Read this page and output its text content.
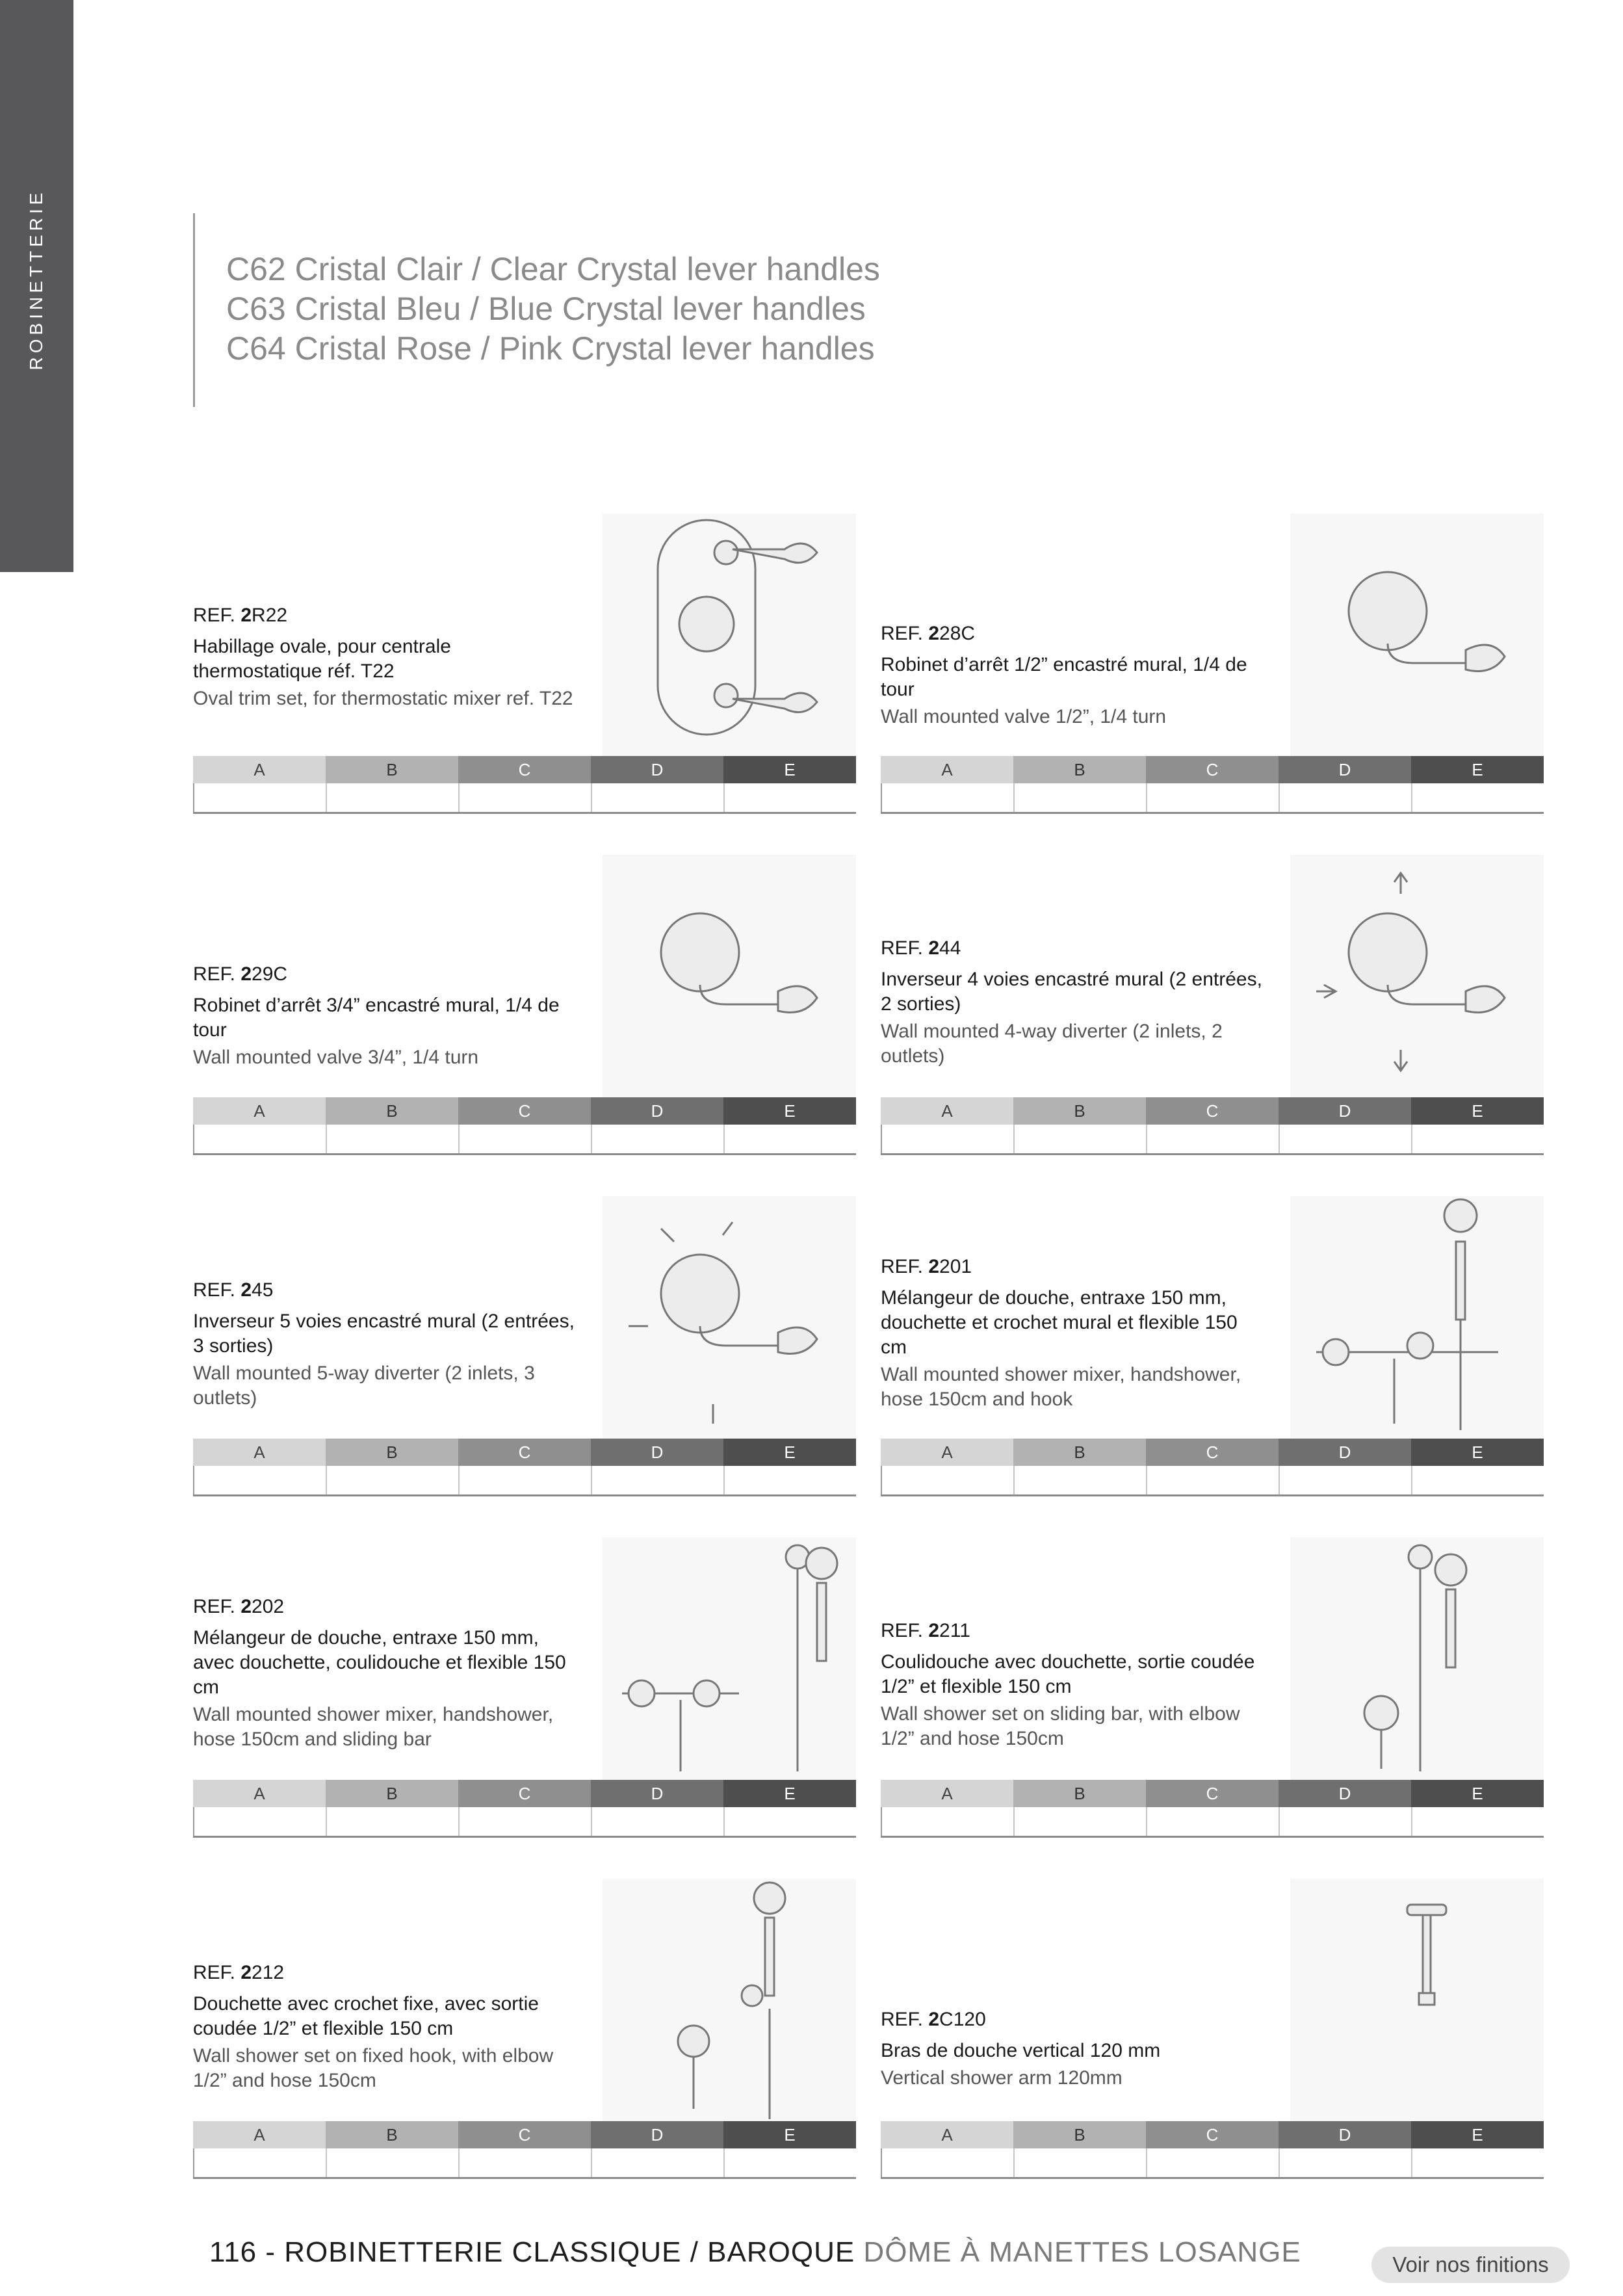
ROBINETTERIE	C62 Cristal Clair / Clear Crystal lever handles
C63 Cristal Bleu / Blue Crystal lever handles
C64 Cristal Rose / Pink Crystal lever handles
REF. 2R22
Habillage ovale, pour centrale thermostatique réf. T22
Oval trim set, for thermostatic mixer ref. T22
A	B	C	D	E
REF. 228C
Robinet d’arrêt 1/2” encastré mural, 1/4 de tour
Wall mounted valve 1/2”, 1/4 turn
A	B	C	D	E
REF. 229C
Robinet d’arrêt 3/4” encastré mural, 1/4 de tour
Wall mounted valve 3/4”, 1/4 turn
A	B	C	D	E
REF. 244
Inverseur 4 voies encastré mural (2 entrées, 2 sorties)
Wall mounted 4-way diverter (2 inlets, 2 outlets)
A	B	C	D	E
REF. 245
Inverseur 5 voies encastré mural (2 entrées, 3 sorties)
Wall mounted 5-way diverter (2 inlets, 3 outlets)
A	B	C	D	E
REF. 2201
Mélangeur de douche, entraxe 150 mm, douchette et crochet mural et flexible 150 cm
Wall mounted shower mixer, handshower, hose 150cm and hook
A	B	C	D	E
REF. 2202
Mélangeur de douche, entraxe 150 mm, avec douchette, coulidouche et flexible 150 cm
Wall mounted shower mixer, handshower, hose 150cm and sliding bar
A	B	C	D	E
REF. 2211
Coulidouche avec douchette, sortie coudée 1/2” et flexible 150 cm
Wall shower set on sliding bar, with elbow 1/2” and hose 150cm
A	B	C	D	E
REF. 2212
Douchette avec crochet fixe, avec sortie coudée 1/2” et flexible 150 cm
Wall shower set on fixed hook, with elbow 1/2” and hose 150cm
A	B	C	D	E
REF. 2C120
Bras de douche vertical 120 mm
Vertical shower arm 120mm
A	B	C	D	E
116 - ROBINETTERIE CLASSIQUE / BAROQUE DÔME À MANETTES LOSANGE	Voir nos finitions
